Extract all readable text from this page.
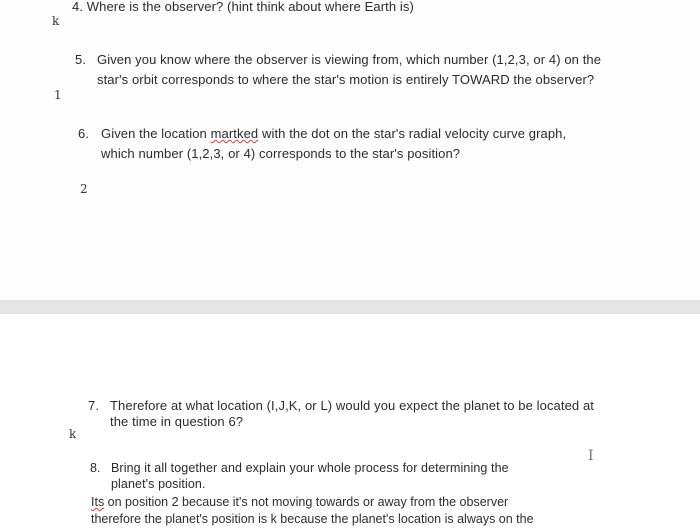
k
4. Where is the observer? (hint think about where Earth is)
5. Given you know where the observer is viewing from, which number (1,2,3, or 4) on the
star's orbit corresponds to where the star's motion is entirely TOWARD the observer?
1
6. Given the location martked with the dot on the star's radial velocity curve graph,
which number (1,2,3, or 4) corresponds to the star's position?
2
7. Therefore at what location (I,J,K, or L) would you expect the planet to be located at
the time in question 6?
k
I
8. Bring it all together and explain your whole process for determining the
planet's position.
Its on position 2 because it's not moving towards or away from the observer
therefore the planet's position is k because the planet's location is always on the
